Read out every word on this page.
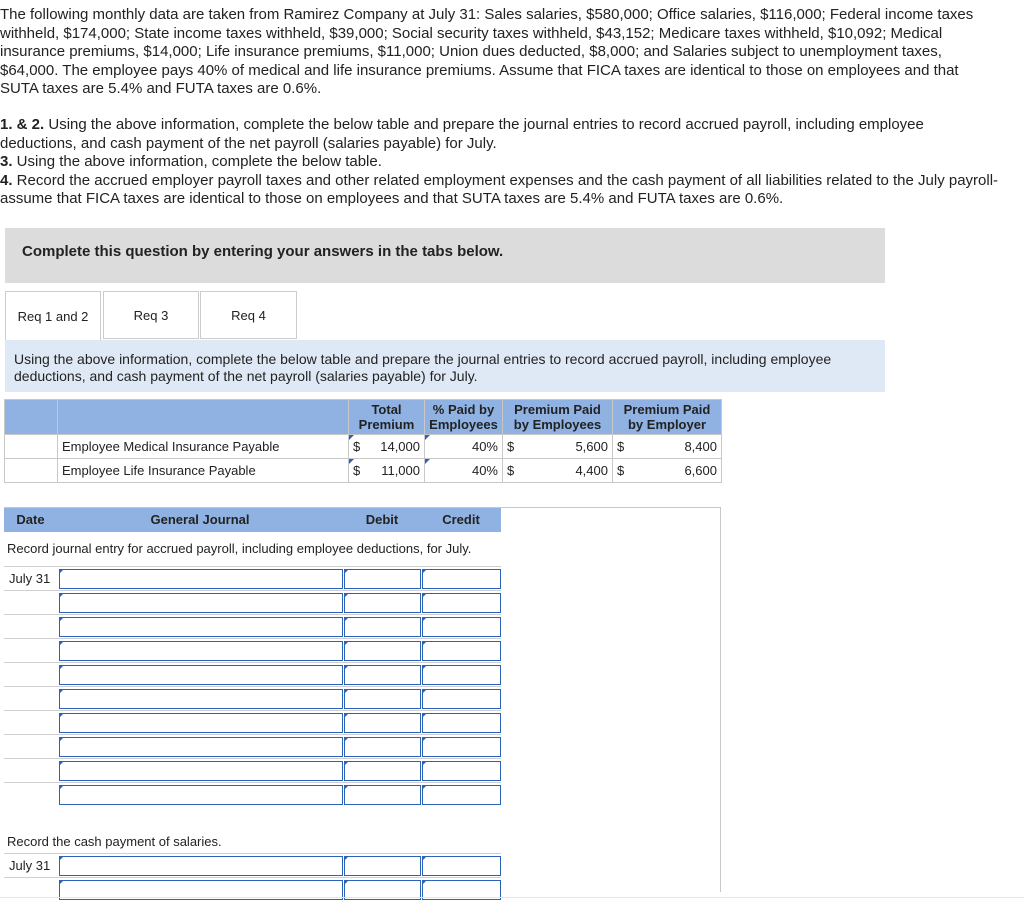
The following monthly data are taken from Ramirez Company at July 31: Sales salaries, $580,000; Office salaries, $116,000; Federal income taxes withheld, $174,000; State income taxes withheld, $39,000; Social security taxes withheld, $43,152; Medicare taxes withheld, $10,092; Medical insurance premiums, $14,000; Life insurance premiums, $11,000; Union dues deducted, $8,000; and Salaries subject to unemployment taxes, $64,000. The employee pays 40% of medical and life insurance premiums. Assume that FICA taxes are identical to those on employees and that SUTA taxes are 5.4% and FUTA taxes are 0.6%.
1. & 2. Using the above information, complete the below table and prepare the journal entries to record accrued payroll, including employee deductions, and cash payment of the net payroll (salaries payable) for July.
3. Using the above information, complete the below table.
4. Record the accrued employer payroll taxes and other related employment expenses and the cash payment of all liabilities related to the July payroll-assume that FICA taxes are identical to those on employees and that SUTA taxes are 5.4% and FUTA taxes are 0.6%.
Complete this question by entering your answers in the tabs below.
Req 1 and 2	Req 3	Req 4
Using the above information, complete the below table and prepare the journal entries to record accrued payroll, including employee deductions, and cash payment of the net payroll (salaries payable) for July.
		Total Premium	% Paid by Employees	Premium Paid by Employees	Premium Paid by Employer
	Employee Medical Insurance Payable	$ 14,000	40%	$ 5,600	$ 8,400

	Employee Life Insurance Payable	$ 11,000	40%	$ 4,400	$ 6,600
Date	General Journal	Debit	Credit
Record journal entry for accrued payroll, including employee deductions, for July.
July 31
Record the cash payment of salaries.
July 31
